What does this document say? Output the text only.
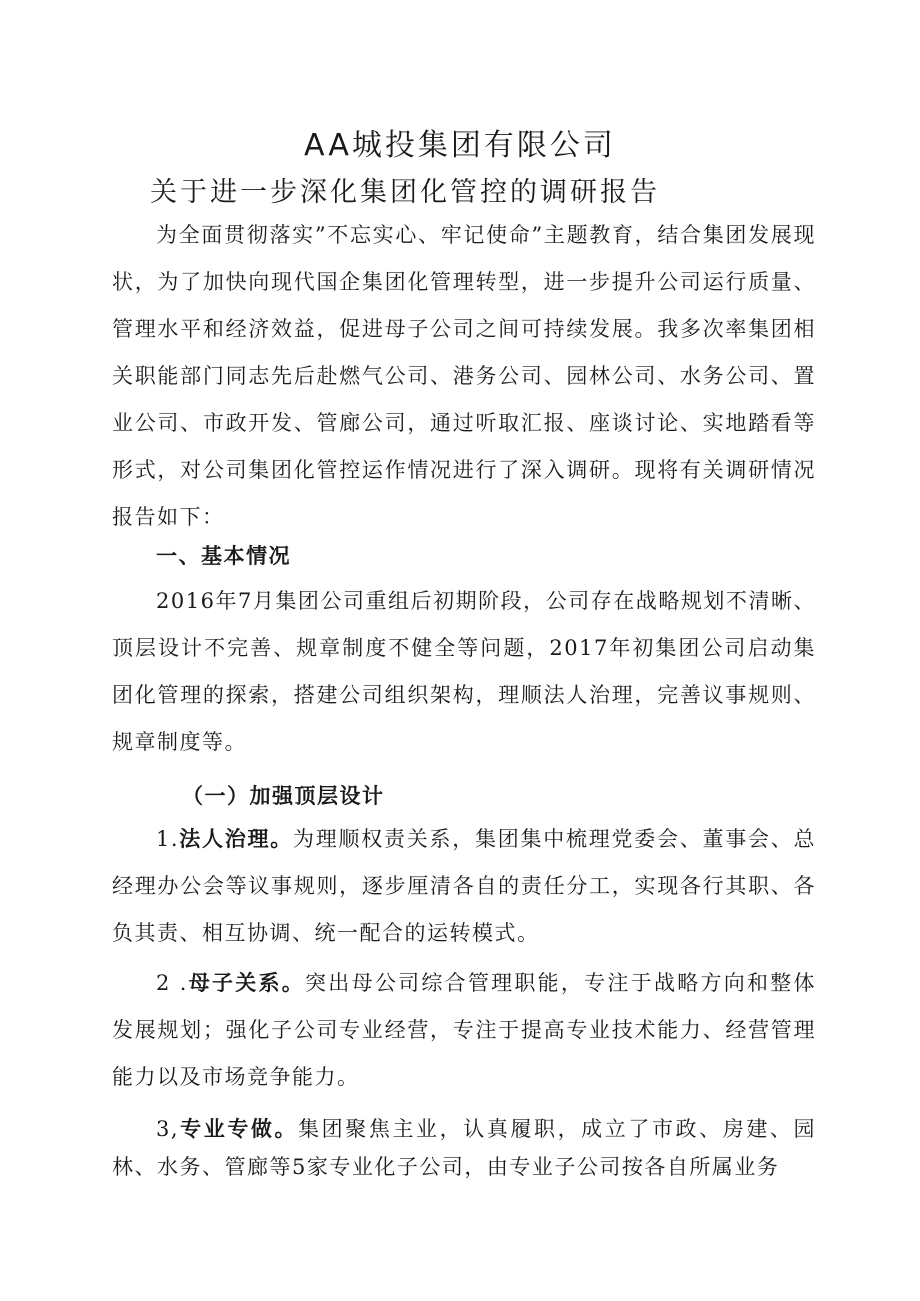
AA城投集团有限公司
关于进一步深化集团化管控的调研报告

为全面贯彻落实”不忘实心、牢记使命”主题教育，结合集团发展现状，为了加快向现代国企集团化管理转型，进一步提升公司运行质量、管理水平和经济效益，促进母子公司之间可持续发展。我多次率集团相关职能部门同志先后赴燃气公司、港务公司、园林公司、水务公司、置业公司、市政开发、管廊公司，通过听取汇报、座谈讨论、实地踏看等形式，对公司集团化管控运作情况进行了深入调研。现将有关调研情况报告如下：

一、基本情况

2016年7月集团公司重组后初期阶段，公司存在战略规划不清晰、顶层设计不完善、规章制度不健全等问题，2017年初集团公司启动集团化管理的探索，搭建公司组织架构，理顺法人治理，完善议事规则、规章制度等。

（一）加强顶层设计

1.法人治理。为理顺权责关系，集团集中梳理党委会、董事会、总经理办公会等议事规则，逐步厘清各自的责任分工，实现各行其职、各负其责、相互协调、统一配合的运转模式。

2 .母子关系。突出母公司综合管理职能，专注于战略方向和整体发展规划；强化子公司专业经营，专注于提高专业技术能力、经营管理能力以及市场竞争能力。

3,专业专做。集团聚焦主业，认真履职，成立了市政、房建、园林、水务、管廊等5家专业化子公司，由专业子公司按各自所属业务
